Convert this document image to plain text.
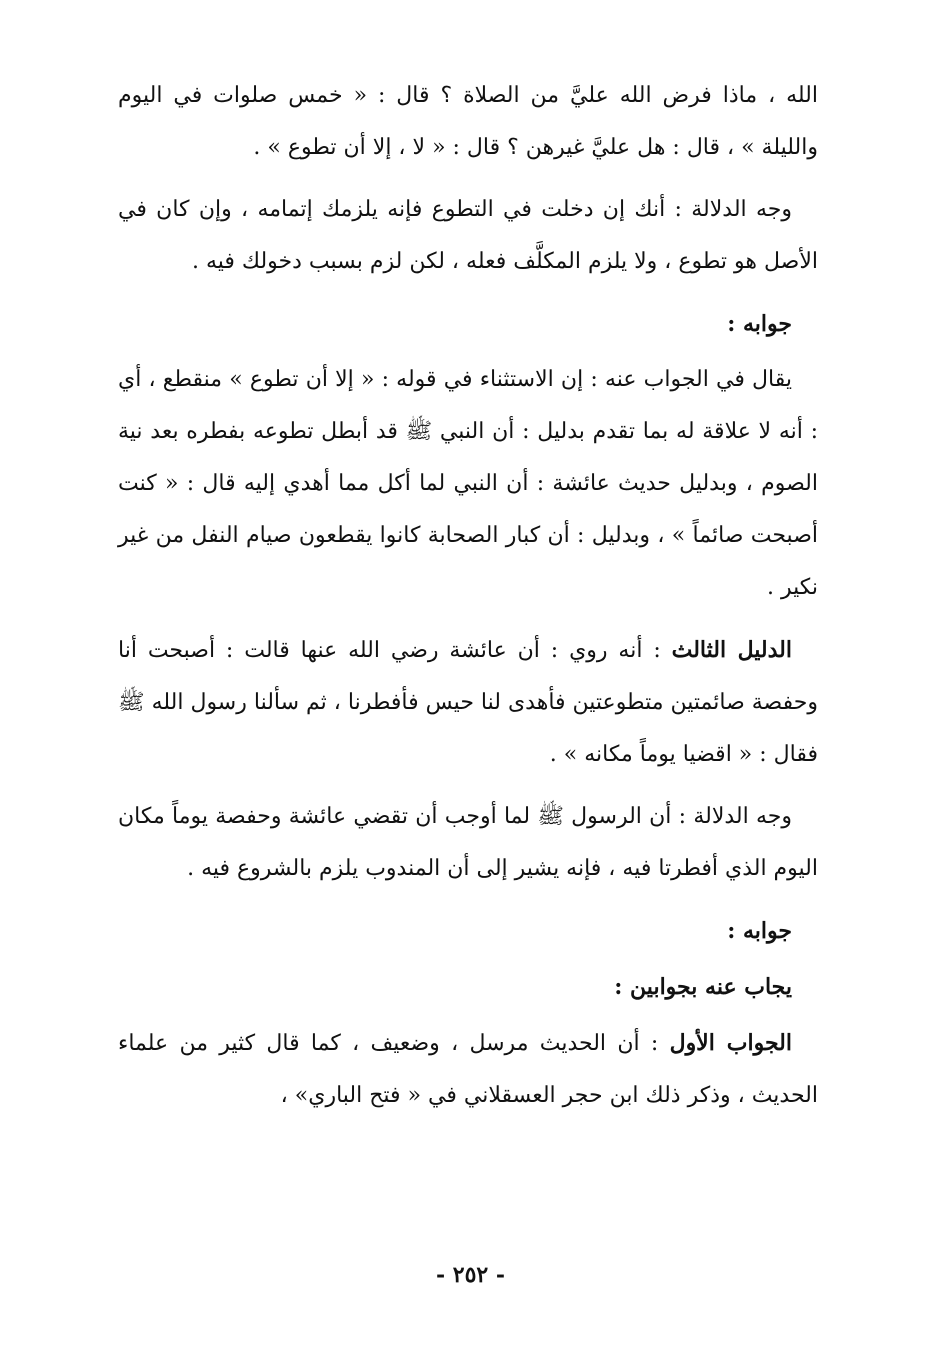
الله ، ماذا فرض الله عليَّ من الصلاة ؟ قال : « خمس صلوات في اليوم والليلة » ، قال : هل عليَّ غيرهن ؟ قال : « لا ، إلا أن تطوع » .

وجه الدلالة : أنك إن دخلت في التطوع فإنه يلزمك إتمامه ، وإن كان في الأصل هو تطوع ، ولا يلزم المكلَّف فعله ، لكن لزم بسبب دخولك فيه .

جوابه :

يقال في الجواب عنه : إن الاستثناء في قوله : « إلا أن تطوع » منقطع ، أي : أنه لا علاقة له بما تقدم بدليل : أن النبي ﷺ قد أبطل تطوعه بفطره بعد نية الصوم ، وبدليل حديث عائشة : أن النبي لما أكل مما أهدي إليه قال : « كنت أصبحت صائماً » ، وبدليل : أن كبار الصحابة كانوا يقطعون صيام النفل من غير نكير .

الدليل الثالث : أنه روي : أن عائشة رضي الله عنها قالت : أصبحت أنا وحفصة صائمتين متطوعتين فأهدى لنا حيس فأفطرنا ، ثم سألنا رسول الله ﷺ فقال : « اقضيا يوماً مكانه » .

وجه الدلالة : أن الرسول ﷺ لما أوجب أن تقضي عائشة وحفصة يوماً مكان اليوم الذي أفطرتا فيه ، فإنه يشير إلى أن المندوب يلزم بالشروع فيه .

جوابه :

يجاب عنه بجوابين :

الجواب الأول : أن الحديث مرسل ، وضعيف ، كما قال كثير من علماء الحديث ، وذكر ذلك ابن حجر العسقلاني في « فتح الباري» ،

- ٢٥٢ -
